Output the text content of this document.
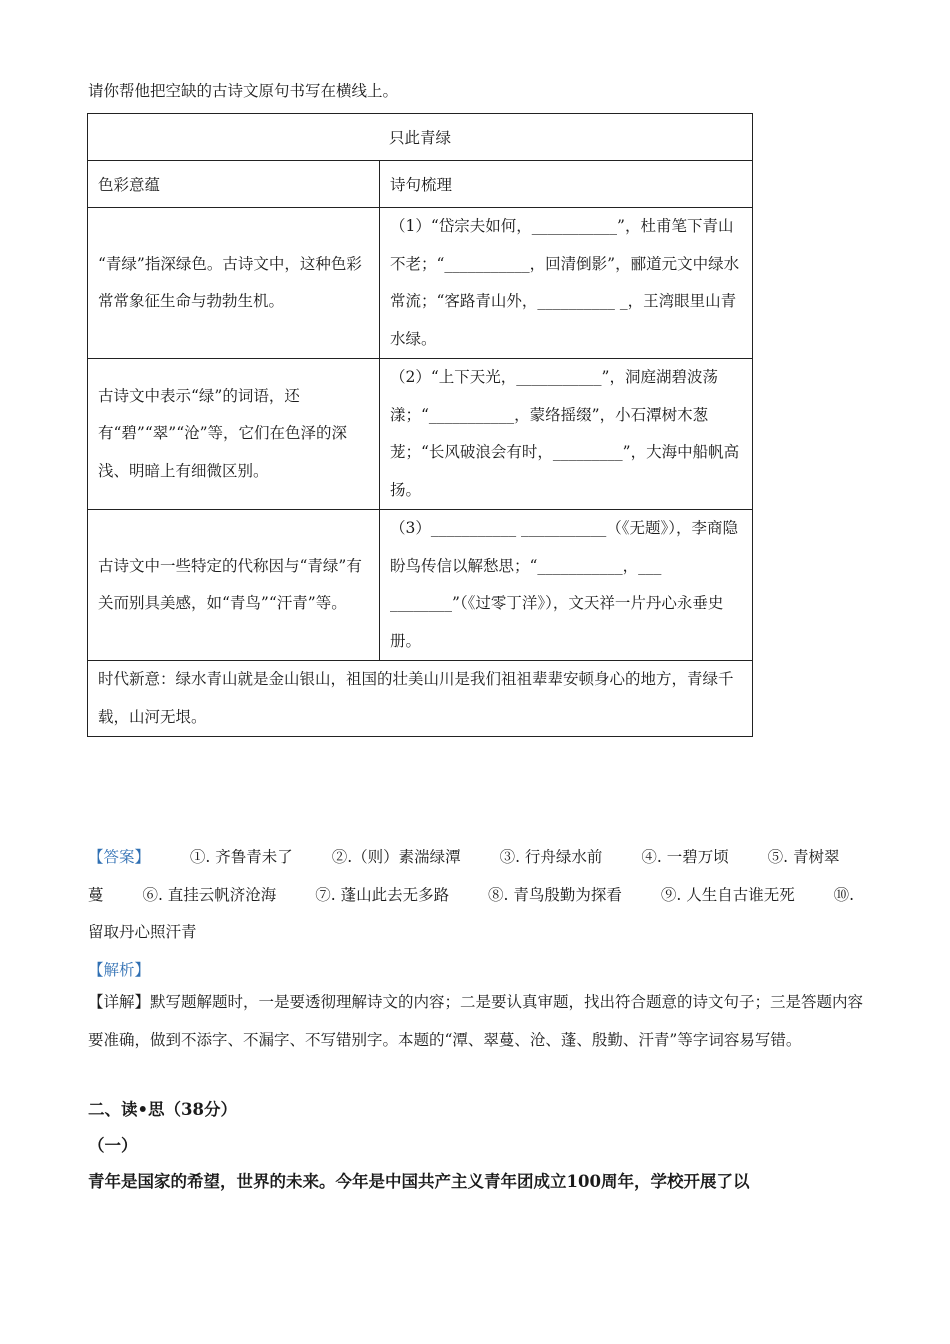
请你帮他把空缺的古诗文原句书写在横线上。
只此青绿	
色彩意蕴	诗句梳理
“青绿”指深绿色。古诗文中，这种色彩常常象征生命与勃勃生机。	（1）“岱宗夫如何，___________”，杜甫笔下青山不老；“___________，回清倒影”，郦道元文中绿水常流；“客路青山外，__________ _，王湾眼里山青水绿。
古诗文中表示“绿”的词语，还有“碧”“翠”“沧”等，它们在色泽的深浅、明暗上有细微区别。	（2）“上下天光，___________”，洞庭湖碧波荡漾；“___________，蒙络摇缀”，小石潭树木葱茏；“长风破浪会有时，_________”，大海中船帆高扬。
古诗文中一些特定的代称因与“青绿”有关而别具美感，如“青鸟”“汗青”等。	（3）___________ ___________（《无题》），李商隐盼鸟传信以解愁思；“___________，___ ________”（《过零丁洋》），文天祥一片丹心永垂史册。
时代新意：绿水青山就是金山银山，祖国的壮美山川是我们祖祖辈辈安顿身心的地方，青绿千载，山河无垠。	
【答案】	①. 齐鲁青未了	②.（则）素湍绿潭	③. 行舟绿水前	④. 一碧万顷	⑤. 青树翠蔓	⑥. 直挂云帆济沧海	⑦. 蓬山此去无多路	⑧. 青鸟殷勤为探看	⑨. 人生自古谁无死	⑩. 留取丹心照汗青
【解析】
【详解】默写题解题时，一是要透彻理解诗文的内容；二是要认真审题，找出符合题意的诗文句子；三是答题内容要准确，做到不添字、不漏字、不写错别字。本题的“潭、翠蔓、沧、蓬、殷勤、汗青”等字词容易写错。
二、读•思（38分）
（一）
青年是国家的希望，世界的未来。今年是中国共产主义青年团成立100周年，学校开展了以
